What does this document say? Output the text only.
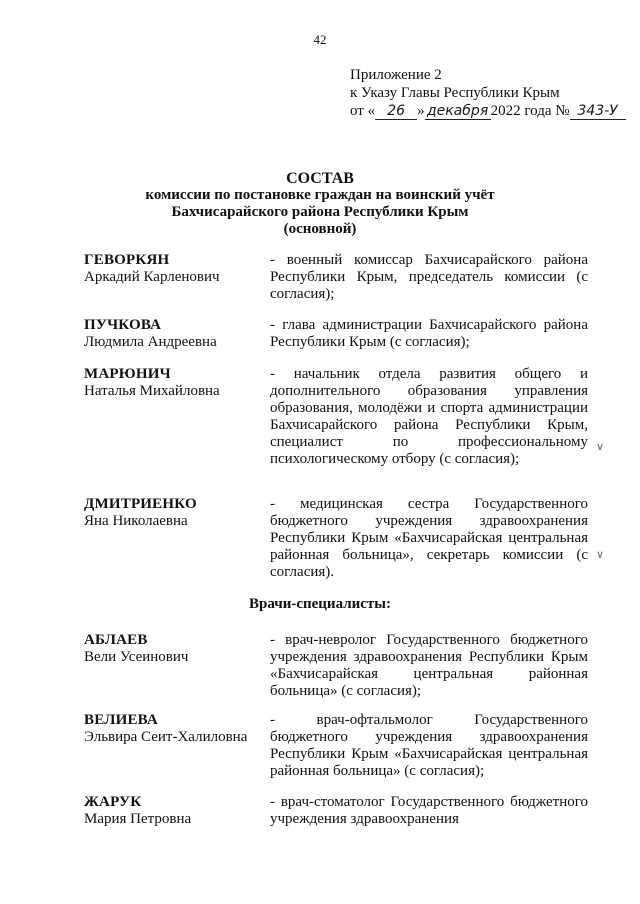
42
Приложение 2
к Указу Главы Республики Крым
от « 26 » декабря 2022 года № 343-У
СОСТАВ
комиссии по постановке граждан на воинский учёт
Бахчисарайского района Республики Крым
(основной)
ГЕВОРКЯН
Аркадий Карленович
- военный комиссар Бахчисарайского района Республики Крым, председатель комиссии (с согласия);
ПУЧКОВА
Людмила Андреевна
- глава администрации Бахчисарайского района Республики Крым (с согласия);
МАРЮНИЧ
Наталья Михайловна
- начальник отдела развития общего и дополнительного образования управления образования, молодёжи и спорта администрации Бахчисарайского района Республики Крым, специалист по профессиональному психологическому отбору (с согласия);
ДМИТРИЕНКО
Яна Николаевна
- медицинская сестра Государственного бюджетного учреждения здравоохранения Республики Крым «Бахчисарайская центральная районная больница», секретарь комиссии (с согласия).
Врачи-специалисты:
АБЛАЕВ
Вели Усеинович
- врач-невролог Государственного бюджетного учреждения здравоохранения Республики Крым «Бахчисарайская центральная районная больница» (с согласия);
ВЕЛИЕВА
Эльвира Сеит-Халиловна
- врач-офтальмолог Государственного бюджетного учреждения здравоохранения Республики Крым «Бахчисарайская центральная районная больница» (с согласия);
ЖАРУК
Мария Петровна
- врач-стоматолог Государственного бюджетного учреждения здравоохранения
∨
∨
